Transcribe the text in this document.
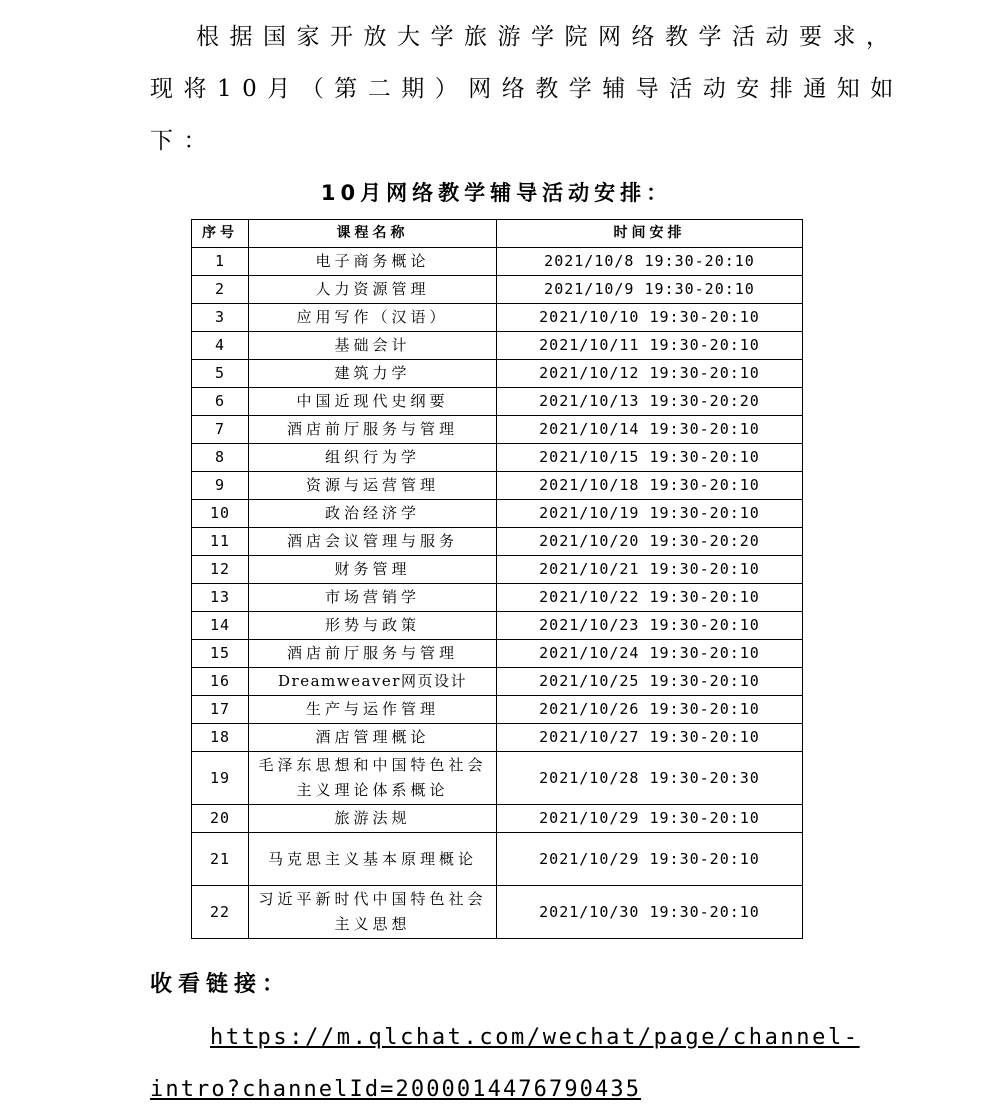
根据国家开放大学旅游学院网络教学活动要求，
现将10月（第二期）网络教学辅导活动安排通知如
下：
10月网络教学辅导活动安排：
序号	课程名称	时间安排
1	电子商务概论	2021/10/8 19:30-20:10
2	人力资源管理	2021/10/9 19:30-20:10
3	应用写作（汉语）	2021/10/10 19:30-20:10
4	基础会计	2021/10/11 19:30-20:10
5	建筑力学	2021/10/12 19:30-20:10
6	中国近现代史纲要	2021/10/13 19:30-20:20
7	酒店前厅服务与管理	2021/10/14 19:30-20:10
8	组织行为学	2021/10/15 19:30-20:10
9	资源与运营管理	2021/10/18 19:30-20:10
10	政治经济学	2021/10/19 19:30-20:10
11	酒店会议管理与服务	2021/10/20 19:30-20:20
12	财务管理	2021/10/21 19:30-20:10
13	市场营销学	2021/10/22 19:30-20:10
14	形势与政策	2021/10/23 19:30-20:10
15	酒店前厅服务与管理	2021/10/24 19:30-20:10
16	Dreamweaver网页设计	2021/10/25 19:30-20:10
17	生产与运作管理	2021/10/26 19:30-20:10
18	酒店管理概论	2021/10/27 19:30-20:10
19	毛泽东思想和中国特色社会主义理论体系概论	2021/10/28 19:30-20:30
20	旅游法规	2021/10/29 19:30-20:10
21	马克思主义基本原理概论	2021/10/29 19:30-20:10
22	习近平新时代中国特色社会主义思想	2021/10/30 19:30-20:10
收看链接：
https://m.qlchat.com/wechat/page/channel-
intro?channelId=2000014476790435
